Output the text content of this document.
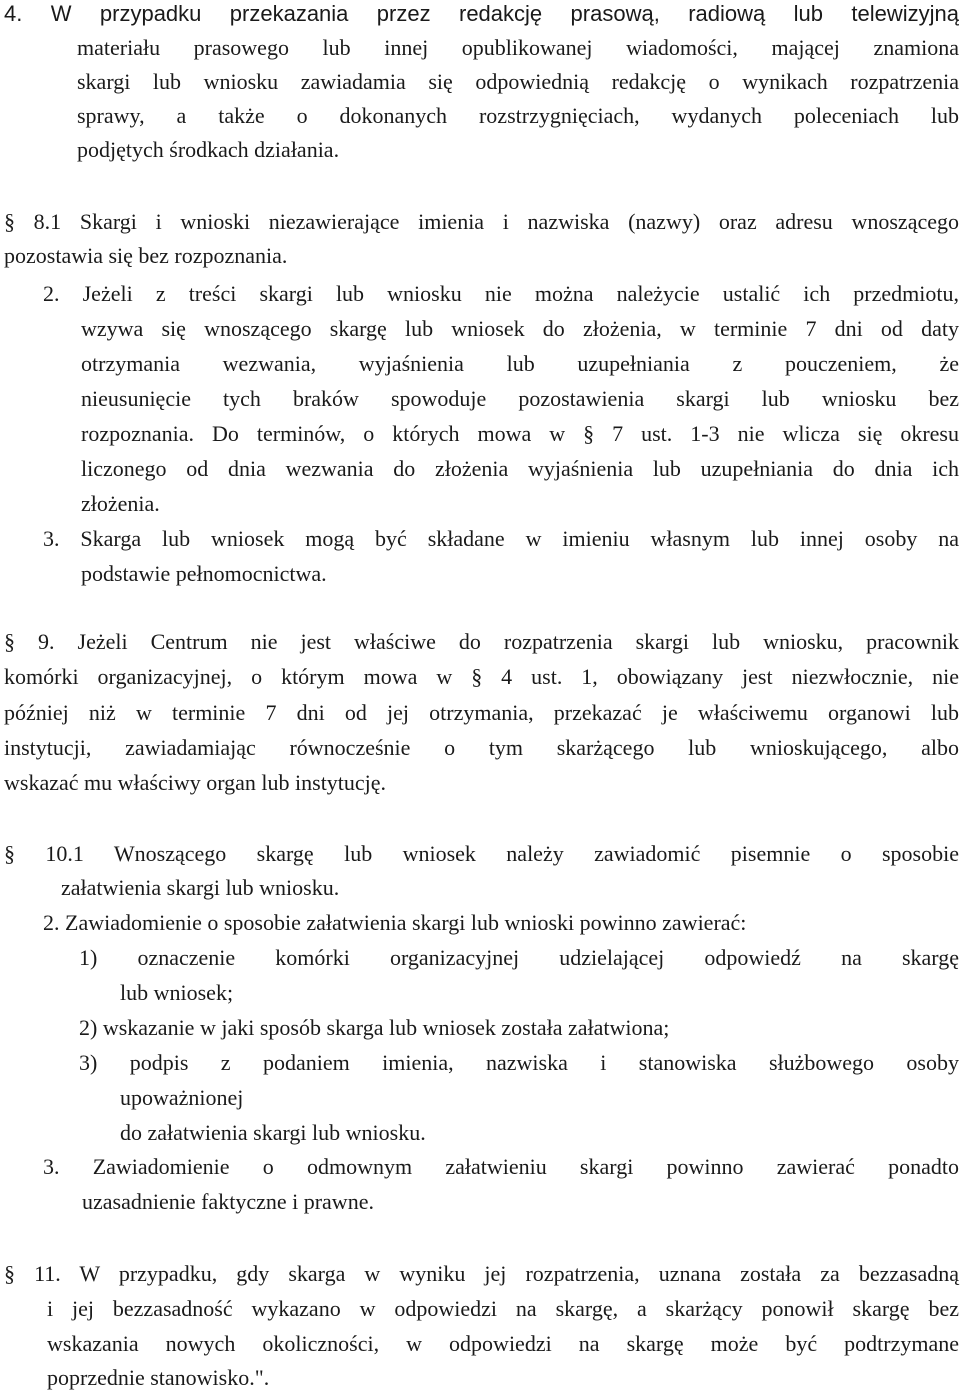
4. W przypadku przekazania przez redakcję prasową, radiową lub telewizyjną
materiału prasowego lub innej opublikowanej wiadomości, mającej znamiona
skargi lub wniosku zawiadamia się odpowiednią redakcję o wynikach rozpatrzenia
sprawy, a także o dokonanych rozstrzygnięciach, wydanych poleceniach lub
podjętych środkach działania.
§ 8.1 Skargi i wnioski niezawierające imienia i nazwiska (nazwy) oraz adresu wnoszącego
pozostawia się bez rozpoznania.
2. Jeżeli z treści skargi lub wniosku nie można należycie ustalić ich przedmiotu,
wzywa się wnoszącego skargę lub wniosek do złożenia, w terminie 7 dni od daty
otrzymania wezwania, wyjaśnienia lub uzupełniania z pouczeniem, że
nieusunięcie tych braków spowoduje pozostawienia skargi lub wniosku bez
rozpoznania. Do terminów, o których mowa w § 7 ust. 1-3 nie wlicza się okresu
liczonego od dnia wezwania do złożenia wyjaśnienia lub uzupełniania do dnia ich
złożenia.
3. Skarga lub wniosek mogą być składane w imieniu własnym lub innej osoby na
podstawie pełnomocnictwa.
§ 9. Jeżeli Centrum nie jest właściwe do rozpatrzenia skargi lub wniosku, pracownik
komórki organizacyjnej, o którym mowa w § 4 ust. 1, obowiązany jest niezwłocznie, nie
później niż w terminie 7 dni od jej otrzymania, przekazać je właściwemu organowi lub
instytucji, zawiadamiając równocześnie o tym skarżącego lub wnioskującego, albo
wskazać mu właściwy organ lub instytucję.
§ 10.1 Wnoszącego skargę lub wniosek należy zawiadomić pisemnie o sposobie
załatwienia skargi lub wniosku.
2. Zawiadomienie o sposobie załatwienia skargi lub wnioski powinno zawierać:
1) oznaczenie komórki organizacyjnej udzielającej odpowiedź na skargę
lub wniosek;
2) wskazanie w jaki sposób skarga lub wniosek została załatwiona;
3) podpis z podaniem imienia, nazwiska i stanowiska służbowego osoby
upoważnionej
do załatwienia skargi lub wniosku.
3. Zawiadomienie o odmownym załatwieniu skargi powinno zawierać ponadto
uzasadnienie faktyczne i prawne.
§ 11. W przypadku, gdy skarga w wyniku jej rozpatrzenia, uznana została za bezzasadną
i jej bezzasadność wykazano w odpowiedzi na skargę, a skarżący ponowił skargę bez
wskazania nowych okoliczności, w odpowiedzi na skargę może być podtrzymane
poprzednie stanowisko.".
